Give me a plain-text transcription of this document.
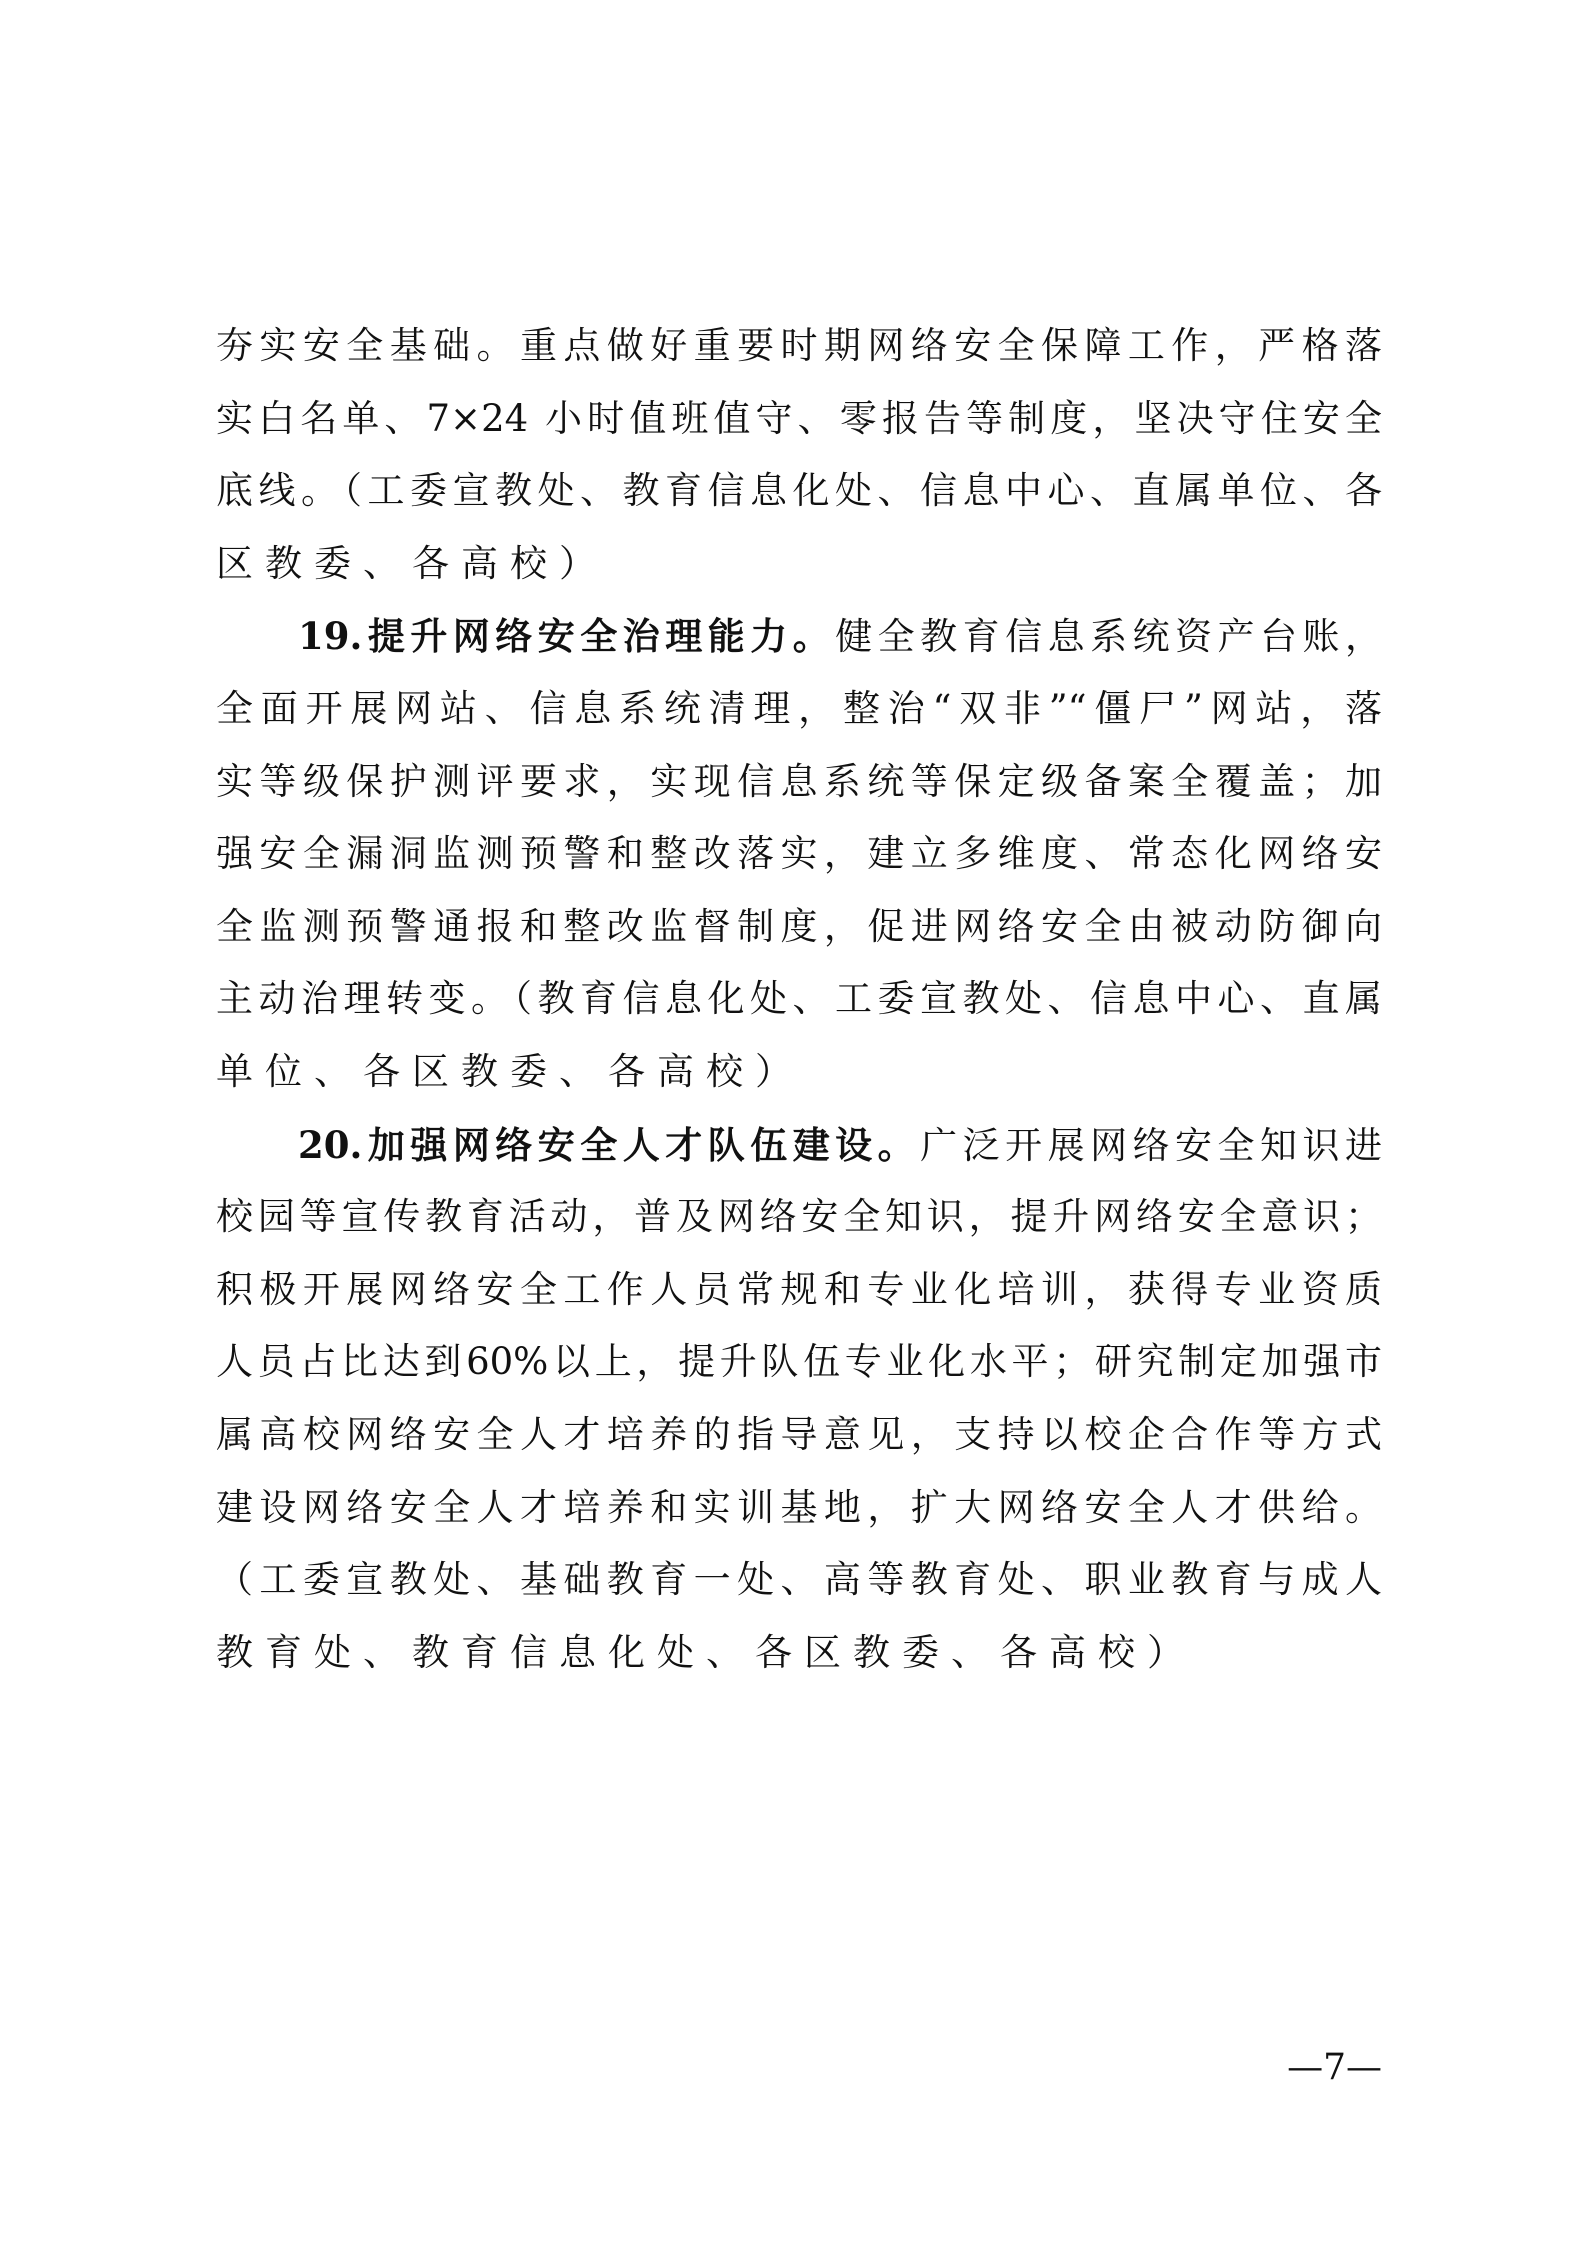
夯实安全基础。重点做好重要时期网络安全保障工作，严格落
实白名单、7×24 小时值班值守、零报告等制度，坚决守住安全
底线。（工委宣教处、教育信息化处、信息中心、直属单位、各
区教委、各高校）
19.提升网络安全治理能力。健全教育信息系统资产台账，
全面开展网站、信息系统清理，整治“双非”“僵尸”网站，落
实等级保护测评要求，实现信息系统等保定级备案全覆盖；加
强安全漏洞监测预警和整改落实，建立多维度、常态化网络安
全监测预警通报和整改监督制度，促进网络安全由被动防御向
主动治理转变。（教育信息化处、工委宣教处、信息中心、直属
单位、各区教委、各高校）
20.加强网络安全人才队伍建设。广泛开展网络安全知识进
校园等宣传教育活动，普及网络安全知识，提升网络安全意识；
积极开展网络安全工作人员常规和专业化培训，获得专业资质
人员占比达到60%以上，提升队伍专业化水平；研究制定加强市
属高校网络安全人才培养的指导意见，支持以校企合作等方式
建设网络安全人才培养和实训基地，扩大网络安全人才供给。
（工委宣教处、基础教育一处、高等教育处、职业教育与成人
教育处、教育信息化处、各区教委、各高校）
—7—
